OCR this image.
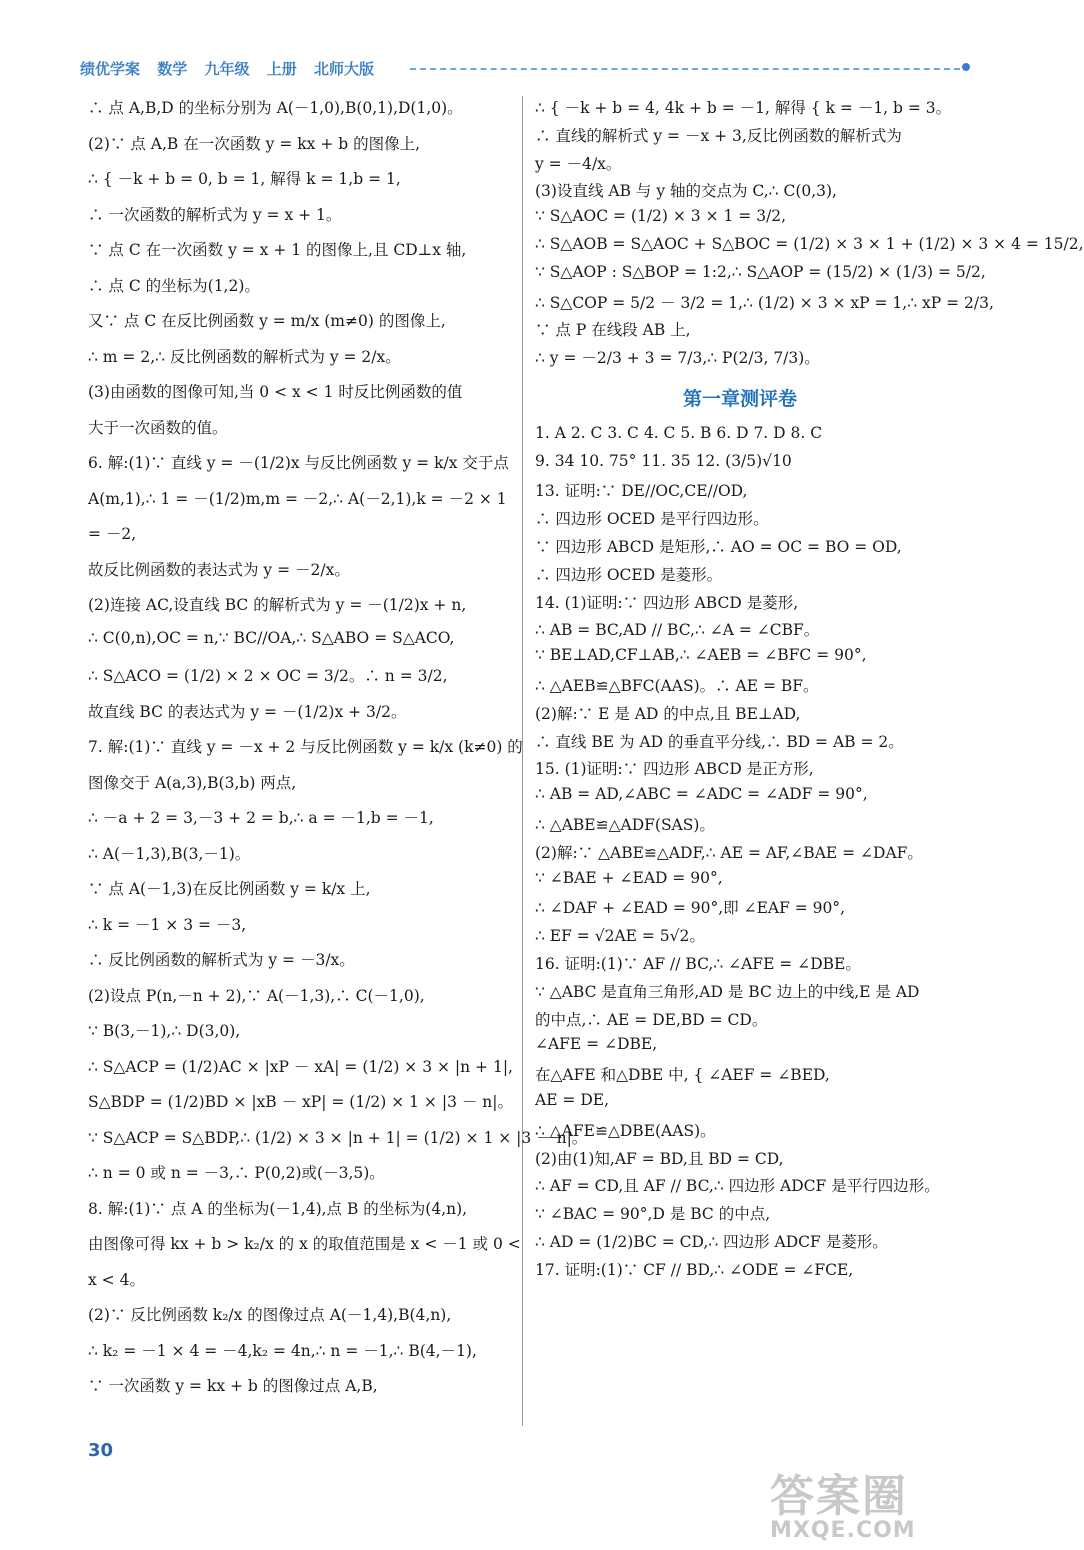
绩优学案 数学 九年级 上册 北师大版
∴ 点 A,B,D 的坐标分别为 A(－1,0),B(0,1),D(1,0)。
(2)∵ 点 A,B 在一次函数 y = kx + b 的图像上,
∴ { －k + b = 0, b = 1, 解得 k = 1,b = 1,
∴ 一次函数的解析式为 y = x + 1。
∵ 点 C 在一次函数 y = x + 1 的图像上,且 CD⊥x 轴,
∴ 点 C 的坐标为(1,2)。
又∵ 点 C 在反比例函数 y = m/x (m≠0) 的图像上,
∴ m = 2,∴ 反比例函数的解析式为 y = 2/x。
(3)由函数的图像可知,当 0 < x < 1 时反比例函数的值
大于一次函数的值。
6. 解:(1)∵ 直线 y = －(1/2)x 与反比例函数 y = k/x 交于点
A(m,1),∴ 1 = －(1/2)m,m = －2,∴ A(－2,1),k = －2 × 1
= －2,
故反比例函数的表达式为 y = －2/x。
(2)连接 AC,设直线 BC 的解析式为 y = －(1/2)x + n,
∴ C(0,n),OC = n,∵ BC//OA,∴ S△ABO = S△ACO,
∴ S△ACO = (1/2) × 2 × OC = 3/2。∴ n = 3/2,
故直线 BC 的表达式为 y = －(1/2)x + 3/2。
7. 解:(1)∵ 直线 y = －x + 2 与反比例函数 y = k/x (k≠0) 的
图像交于 A(a,3),B(3,b) 两点,
∴ －a + 2 = 3,－3 + 2 = b,∴ a = －1,b = －1,
∴ A(－1,3),B(3,－1)。
∵ 点 A(－1,3)在反比例函数 y = k/x 上,
∴ k = －1 × 3 = －3,
∴ 反比例函数的解析式为 y = －3/x。
(2)设点 P(n,－n + 2),∵ A(－1,3),∴ C(－1,0),
∵ B(3,－1),∴ D(3,0),
∴ S△ACP = (1/2)AC × |xP － xA| = (1/2) × 3 × |n + 1|,
S△BDP = (1/2)BD × |xB － xP| = (1/2) × 1 × |3 － n|。
∵ S△ACP = S△BDP,∴ (1/2) × 3 × |n + 1| = (1/2) × 1 × |3 － n|。
∴ n = 0 或 n = －3,∴ P(0,2)或(－3,5)。
8. 解:(1)∵ 点 A 的坐标为(－1,4),点 B 的坐标为(4,n),
由图像可得 kx + b > k₂/x 的 x 的取值范围是 x < －1 或 0 <
x < 4。
(2)∵ 反比例函数 k₂/x 的图像过点 A(－1,4),B(4,n),
∴ k₂ = －1 × 4 = －4,k₂ = 4n,∴ n = －1,∴ B(4,－1),
∵ 一次函数 y = kx + b 的图像过点 A,B,
∴ { －k + b = 4, 4k + b = －1, 解得 { k = －1, b = 3。
∴ 直线的解析式 y = －x + 3,反比例函数的解析式为
y = －4/x。
(3)设直线 AB 与 y 轴的交点为 C,∴ C(0,3),
∵ S△AOC = (1/2) × 3 × 1 = 3/2,
∴ S△AOB = S△AOC + S△BOC = (1/2) × 3 × 1 + (1/2) × 3 × 4 = 15/2,
∵ S△AOP : S△BOP = 1:2,∴ S△AOP = (15/2) × (1/3) = 5/2,
∴ S△COP = 5/2 － 3/2 = 1,∴ (1/2) × 3 × xP = 1,∴ xP = 2/3,
∵ 点 P 在线段 AB 上,
∴ y = －2/3 + 3 = 7/3,∴ P(2/3, 7/3)。
第一章测评卷
1. A 2. C 3. C 4. C 5. B 6. D 7. D 8. C
9. 34 10. 75° 11. 35 12. (3/5)√10
13. 证明:∵ DE//OC,CE//OD,
∴ 四边形 OCED 是平行四边形。
∵ 四边形 ABCD 是矩形,∴ AO = OC = BO = OD,
∴ 四边形 OCED 是菱形。
14. (1)证明:∵ 四边形 ABCD 是菱形,
∴ AB = BC,AD // BC,∴ ∠A = ∠CBF。
∵ BE⊥AD,CF⊥AB,∴ ∠AEB = ∠BFC = 90°,
∴ △AEB≌△BFC(AAS)。∴ AE = BF。
(2)解:∵ E 是 AD 的中点,且 BE⊥AD,
∴ 直线 BE 为 AD 的垂直平分线,∴ BD = AB = 2。
15. (1)证明:∵ 四边形 ABCD 是正方形,
∴ AB = AD,∠ABC = ∠ADC = ∠ADF = 90°,
∴ △ABE≌△ADF(SAS)。
(2)解:∵ △ABE≌△ADF,∴ AE = AF,∠BAE = ∠DAF。
∵ ∠BAE + ∠EAD = 90°,
∴ ∠DAF + ∠EAD = 90°,即 ∠EAF = 90°,
∴ EF = √2AE = 5√2。
16. 证明:(1)∵ AF // BC,∴ ∠AFE = ∠DBE。
∵ △ABC 是直角三角形,AD 是 BC 边上的中线,E 是 AD
的中点,∴ AE = DE,BD = CD。
∠AFE = ∠DBE,
在△AFE 和△DBE 中, { ∠AEF = ∠BED,
AE = DE,
∴ △AFE≌△DBE(AAS)。
(2)由(1)知,AF = BD,且 BD = CD,
∴ AF = CD,且 AF // BC,∴ 四边形 ADCF 是平行四边形。
∵ ∠BAC = 90°,D 是 BC 的中点,
∴ AD = (1/2)BC = CD,∴ 四边形 ADCF 是菱形。
17. 证明:(1)∵ CF // BD,∴ ∠ODE = ∠FCE,
30
答案圈
MXQE.COM
